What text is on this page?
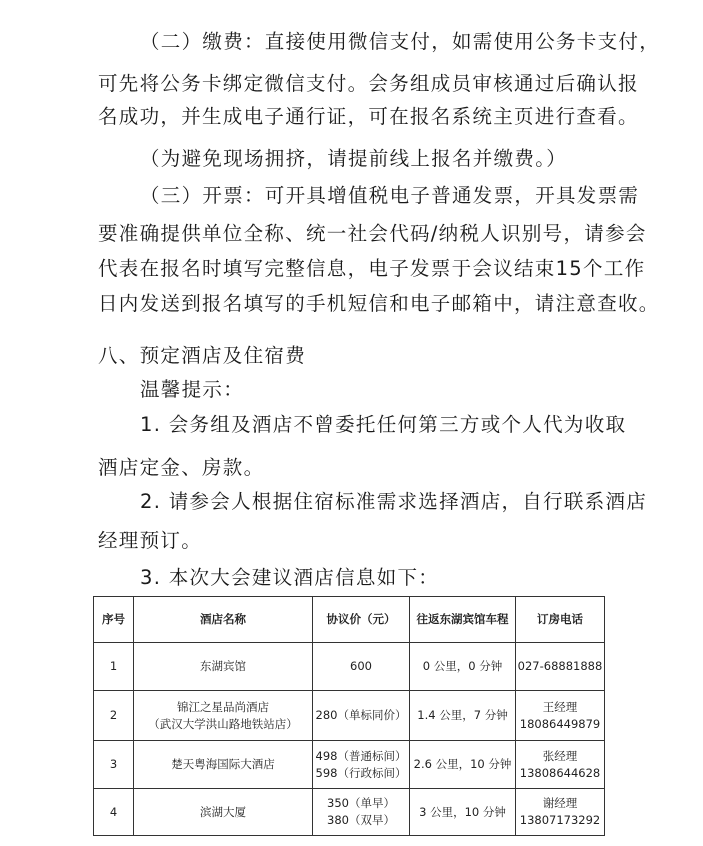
（二）缴费：直接使用微信支付，如需使用公务卡支付，
可先将公务卡绑定微信支付。会务组成员审核通过后确认报
名成功，并生成电子通行证，可在报名系统主页进行查看。
（为避免现场拥挤，请提前线上报名并缴费。）
（三）开票：可开具增值税电子普通发票，开具发票需
要准确提供单位全称、统一社会代码/纳税人识别号，请参会
代表在报名时填写完整信息，电子发票于会议结束15个工作
日内发送到报名填写的手机短信和电子邮箱中，请注意查收。
八、预定酒店及住宿费
温馨提示：
1. 会务组及酒店不曾委托任何第三方或个人代为收取
酒店定金、房款。
2. 请参会人根据住宿标准需求选择酒店，自行联系酒店
经理预订。
3. 本次大会建议酒店信息如下：
序号	酒店名称	协议价（元）	往返东湖宾馆车程	订房电话
1	东湖宾馆	600	0 公里，0 分钟	027-68881888

2	锦江之星品尚酒店
（武汉大学洪山路地铁站店）	280（单标同价）	1.4 公里，7 分钟	王经理
18086449879

3	楚天粤海国际大酒店	498（普通标间）
598（行政标间）	2.6 公里，10 分钟	张经理
13808644628

4	滨湖大厦	350（单早）
380（双早）	3 公里，10 分钟	谢经理
13807173292
